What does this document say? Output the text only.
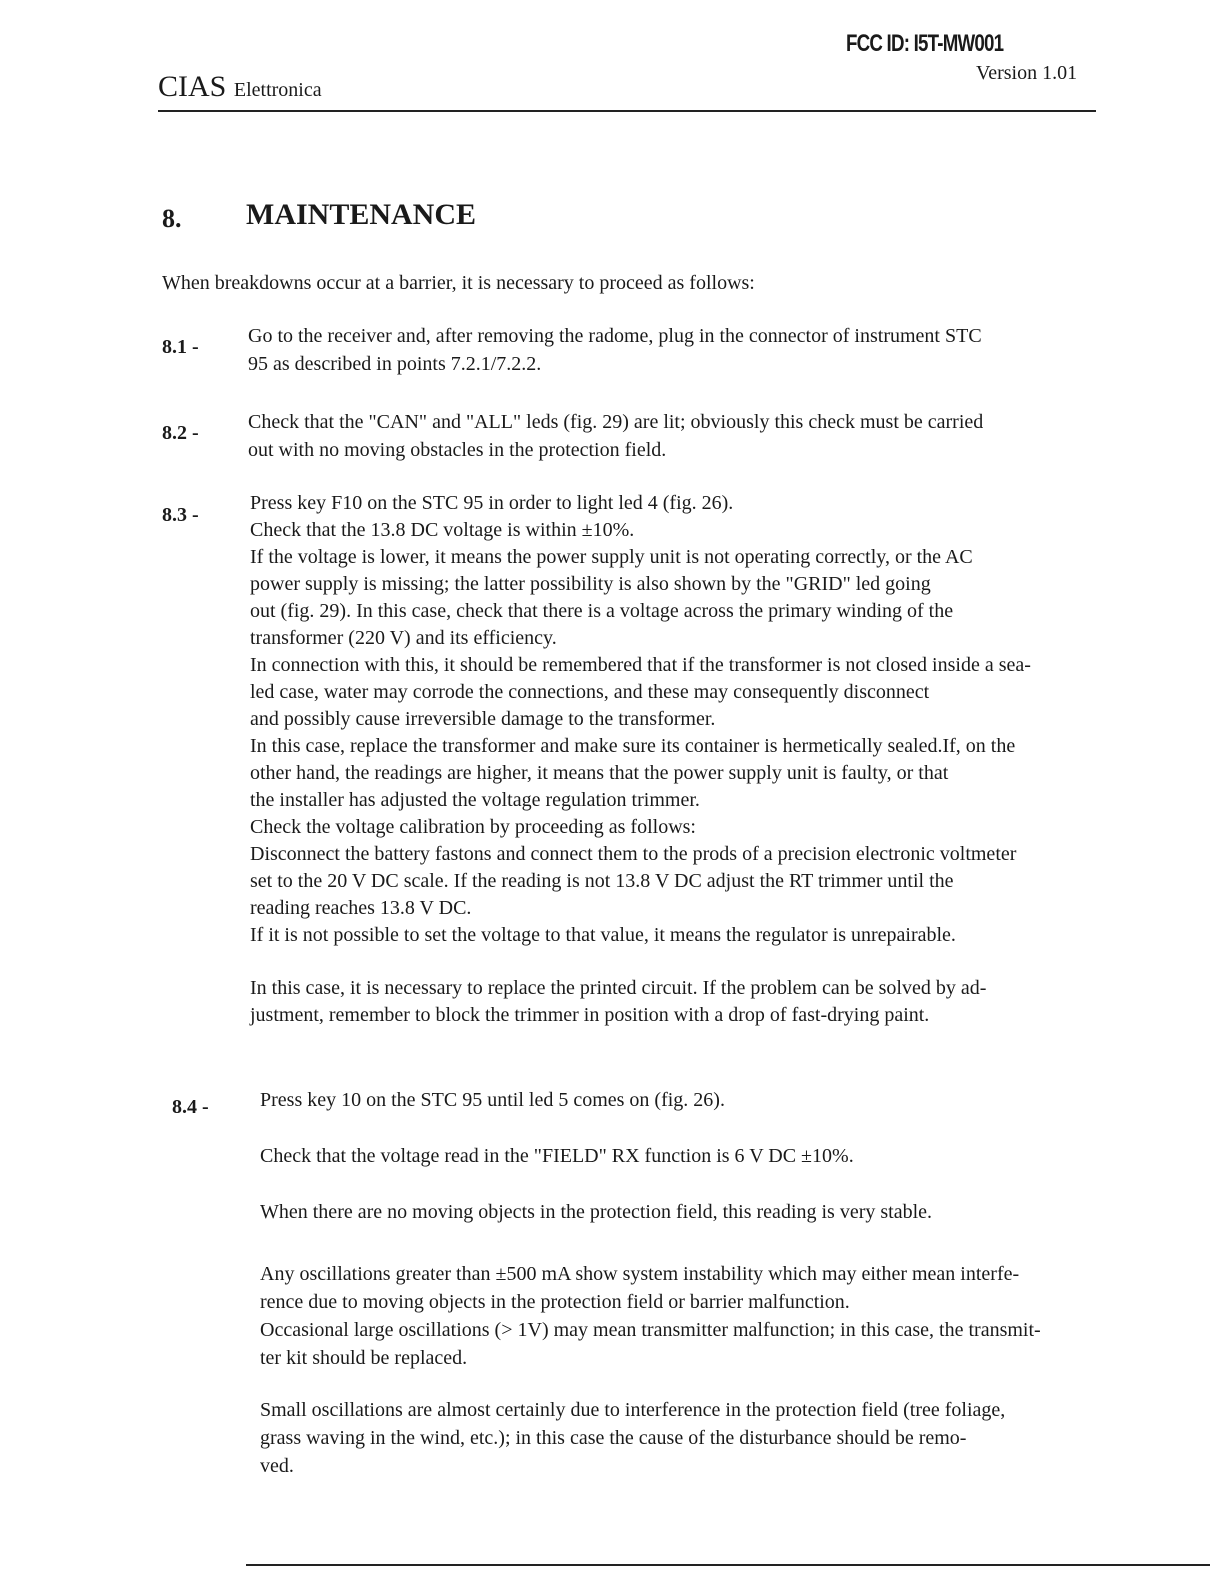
FCC ID: I5T-MW001
Version 1.01
CIAS Elettronica
8. MAINTENANCE
When breakdowns occur at a barrier, it is necessary to proceed as follows:
8.1 - Go to the receiver and, after removing the radome, plug in the connector of instrument STC

95 as described in points 7.2.1/7.2.2.

8.2 - Check that the "CAN" and "ALL" leds (fig. 29) are lit; obviously this check must be carried

out with no moving obstacles in the protection field.

8.3 -

Press key F10 on the STC 95 in order to light led 4 (fig. 26).

Check that the 13.8 DC voltage is within ±10%.

If the voltage is lower, it means the power supply unit is not operating correctly, or the AC

power supply is missing; the latter possibility is also shown by the "GRID" led going

out (fig. 29). In this case, check that there is a voltage across the primary winding of the

transformer (220 V) and its efficiency.

In connection with this, it should be remembered that if the transformer is not closed inside a sea-

led case, water may corrode the connections, and these may consequently disconnect

and possibly cause irreversible damage to the transformer.

In this case, replace the transformer and make sure its container is hermetically sealed.If, on the

other hand, the readings are higher, it means that the power supply unit is faulty, or that

the installer has adjusted the voltage regulation trimmer.

Check the voltage calibration by proceeding as follows:

Disconnect the battery fastons and connect them to the prods of a precision electronic voltmeter

set to the 20 V DC scale. If the reading is not 13.8 V DC adjust the RT trimmer until the

reading reaches 13.8 V DC.

If it is not possible to set the voltage to that value, it means the regulator is unrepairable.

In this case, it is necessary to replace the printed circuit. If the problem can be solved by ad-

justment, remember to block the trimmer in position with a drop of fast-drying paint.

8.4 -	Press key 10 on the STC 95 until led 5 comes on (fig. 26).

Check that the voltage read in the "FIELD" RX function is 6 V DC ±10%.

When there are no moving objects in the protection field, this reading is very stable.

Any oscillations greater than ±500 mA show system instability which may either mean interfe-

rence due to moving objects in the protection field or barrier malfunction.

Occasional large oscillations (> 1V) may mean transmitter malfunction; in this case, the transmit-

ter kit should be replaced.

Small oscillations are almost certainly due to interference in the protection field (tree foliage,

grass waving in the wind, etc.); in this case the cause of the disturbance should be remo-

ved.
